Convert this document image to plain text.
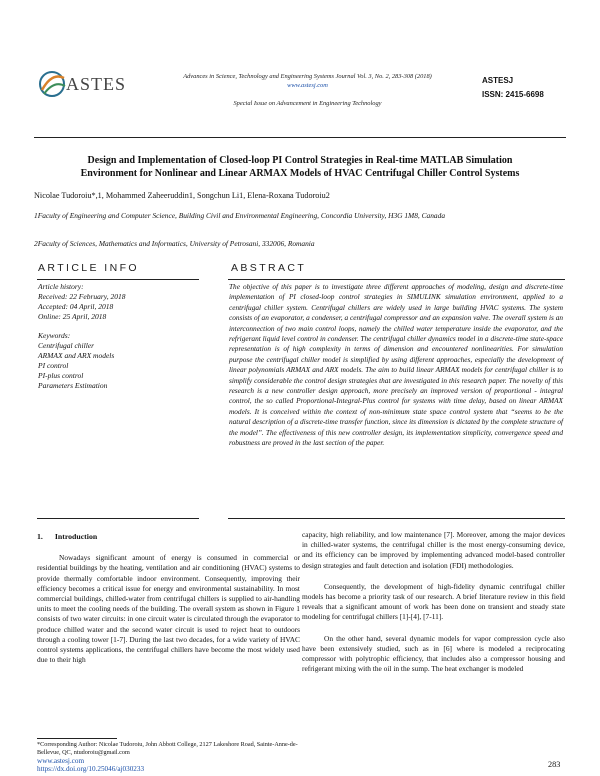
ASTES	Advances in Science, Technology and Engineering Systems Journal Vol. 3, No. 2, 283-308 (2018)
www.astesj.com
Special Issue on Advancement in Engineering Technology
ASTESJ
ISSN: 2415-6698
Design and Implementation of Closed-loop PI Control Strategies in Real-time MATLAB Simulation
Environment for Nonlinear and Linear ARMAX Models of HVAC Centrifugal Chiller Control Systems
Nicolae Tudoroiu*,1, Mohammed Zaheeruddin1, Songchun Li1, Elena-Roxana Tudoroiu2
1Faculty of Engineering and Computer Science, Building Civil and Environmental Engineering, Concordia University, H3G 1M8, Canada
2Faculty of Sciences, Mathematics and Informatics, University of Petrosani, 332006, Romania
ARTICLE INFO	ABSTRACT
Article history:
Received: 22 February, 2018
Accepted: 04 April, 2018
Online: 25 April, 2018
Keywords:
Centrifugal chiller
ARMAX and ARX models
PI control
PI-plus control
Parameters Estimation
The objective of this paper is to investigate three different approaches of modeling, design and discrete-time implementation of PI closed-loop control strategies in SIMULINK simulation environment, applied to a centrifugal chiller system. Centrifugal chillers are widely used in large building HVAC systems. The system consists of an evaporator, a condenser, a centrifugal compressor and an expansion valve. The overall system is an interconnection of two main control loops, namely the chilled water temperature inside the evaporator, and the refrigerant liquid level control in condenser. The centrifugal chiller dynamics model in a discrete-time state-space representation is of high complexity in terms of dimension and encountered nonlinearities. For simulation purpose the centrifugal chiller model is simplified by using different approaches, especially the development of linear polynomials ARMAX and ARX models. The aim to build linear ARMAX models for centrifugal chiller is to simplify considerable the control design strategies that are investigated in this research paper. The novelty of this research is a new controller design approach, more precisely an improved version of proportional - integral control, the so called Proportional-Integral-Plus control for systems with time delay, based on linear ARMAX models. It is conceived within the context of non-minimum state space control system that “seems to be the natural description of a discrete-time transfer function, since its dimension is dictated by the complete structure of the model”. The effectiveness of this new controller design, its implementation simplicity, convergence speed and robustness are proved in the last section of the paper.
1. Introduction

Nowadays significant amount of energy is consumed in commercial or residential buildings by the heating, ventilation and air conditioning (HVAC) systems to provide thermally comfortable indoor environment. Consequently, improving their efficiency becomes a critical issue for energy and environmental sustainability. In most commercial buildings, chilled-water from centrifugal chillers is supplied to air-handling units to meet the cooling needs of the building. The overall system as shown in Figure 1 consists of two water circuits: in one circuit water is circulated through the evaporator to produce chilled water and the second water circuit is used to reject heat to outdoors through a cooling tower [1-7]. During the last two decades, for a wide variety of HVAC control systems applications, the centrifugal chillers have become the most widely used due to their high

capacity, high reliability, and low maintenance [7]. Moreover, among the major devices in chilled-water systems, the centrifugal chiller is the most energy-consuming device, and its efficiency can be improved by implementing advanced model-based controller design strategies and fault detection and isolation (FDI) methodologies.

Consequently, the development of high-fidelity dynamic centrifugal chiller models has become a priority task of our research. A brief literature review in this field reveals that a significant amount of work has been done on transient and steady state modeling for centrifugal chillers [1]-[4], [7-11].

On the other hand, several dynamic models for vapor compression cycle also have been extensively studied, such as in [6] where is modeled a reciprocating compressor with polytrophic efficiency, that includes also a compressor housing and refrigerant mixing with the oil in the sump. The heat exchanger is modeled

*Corresponding Author: Nicolae Tudoroiu, John Abbott College, 2127 Lakeshore Road, Sainte-Anne-de-Bellevue, QC, ntudoroiu@gmail.com
www.astesj.com
https://dx.doi.org/10.25046/aj030233	283
